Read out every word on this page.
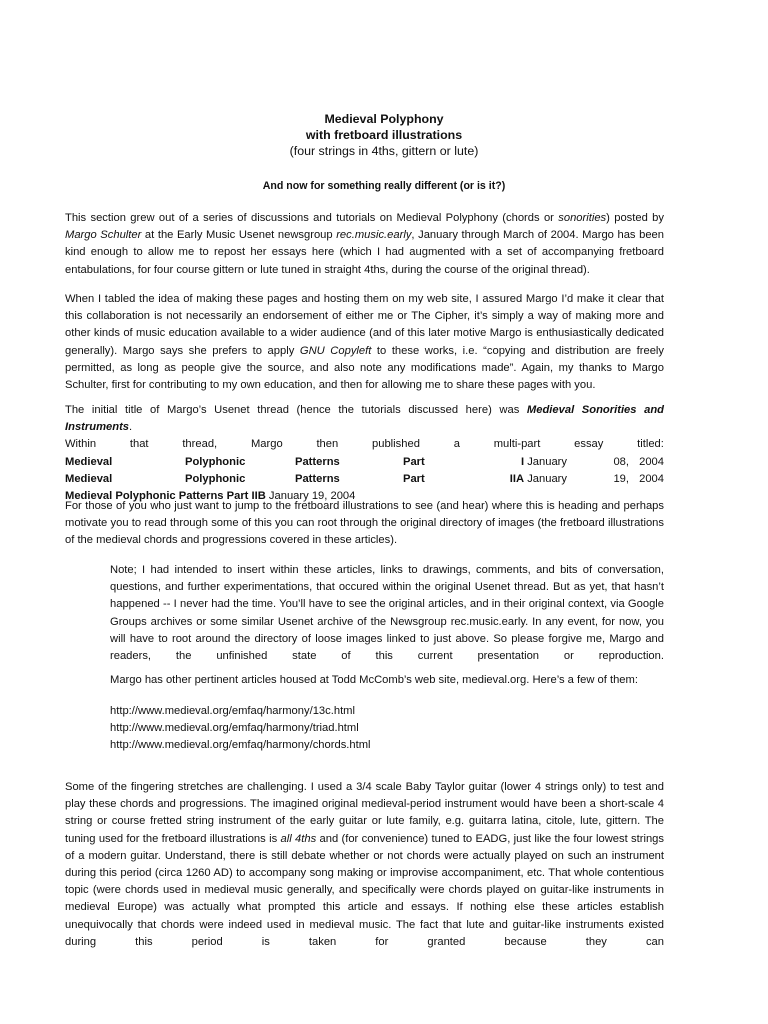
Medieval Polyphony
with fretboard illustrations
(four strings in 4ths, gittern or lute)
And now for something really different (or is it?)
This section grew out of a series of discussions and tutorials on Medieval Polyphony (chords or sonorities) posted by Margo Schulter at the Early Music Usenet newsgroup rec.music.early, January through March of 2004. Margo has been kind enough to allow me to repost her essays here (which I had augmented with a set of accompanying fretboard entabulations, for four course gittern or lute tuned in straight 4ths, during the course of the original thread).
When I tabled the idea of making these pages and hosting them on my web site, I assured Margo I’d make it clear that this collaboration is not necessarily an endorsement of either me or The Cipher, it’s simply a way of making more and other kinds of music education available to a wider audience (and of this later motive Margo is enthusiastically dedicated generally). Margo says she prefers to apply GNU Copyleft to these works, i.e. “copying and distribution are freely permitted, as long as people give the source, and also note any modifications made”. Again, my thanks to Margo Schulter, first for contributing to my own education, and then for allowing me to share these pages with you.
The initial title of Margo’s Usenet thread (hence the tutorials discussed here) was Medieval Sonorities and Instruments.
Within	that	thread,	Margo	then	published	a	multi-part	essay	titled:
Medieval	Polyphonic	Patterns	Part	I January	08, 2004
Medieval	Polyphonic	Patterns	Part	IIA January	19, 2004
Medieval Polyphonic Patterns Part IIB January 19, 2004
For those of you who just want to jump to the fretboard illustrations to see (and hear) where this is heading and perhaps motivate you to read through some of this you can root through the original directory of images (the fretboard illustrations of the medieval chords and progressions covered in these articles).
Note; I had intended to insert within these articles, links to drawings, comments, and bits of conversation, questions, and further experimentations, that occured within the original Usenet thread. But as yet, that hasn’t happened -- I never had the time. You’ll have to see the original articles, and in their original context, via Google Groups archives or some similar Usenet archive of the Newsgroup rec.music.early. In any event, for now, you will have to root around the directory of loose images linked to just above. So please forgive me, Margo and readers, the unfinished state of this current presentation or reproduction.
Margo has other pertinent articles housed at Todd McComb’s web site, medieval.org. Here’s a few of them:
http://www.medieval.org/emfaq/harmony/13c.html
http://www.medieval.org/emfaq/harmony/triad.html
http://www.medieval.org/emfaq/harmony/chords.html
Some of the fingering stretches are challenging. I used a 3/4 scale Baby Taylor guitar (lower 4 strings only) to test and play these chords and progressions. The imagined original medieval-period instrument would have been a short-scale 4 string or course fretted string instrument of the early guitar or lute family, e.g. guitarra latina, citole, lute, gittern. The tuning used for the fretboard illustrations is all 4ths and (for convenience) tuned to EADG, just like the four lowest strings of a modern guitar. Understand, there is still debate whether or not chords were actually played on such an instrument during this period (circa 1260 AD) to accompany song making or improvise accompaniment, etc. That whole contentious topic (were chords used in medieval music generally, and specifically were chords played on guitar-like instruments in medieval Europe) was actually what prompted this article and essays. If nothing else these articles establish unequivocally that chords were indeed used in medieval music. The fact that lute and guitar-like instruments existed during this period is taken for granted because they can
